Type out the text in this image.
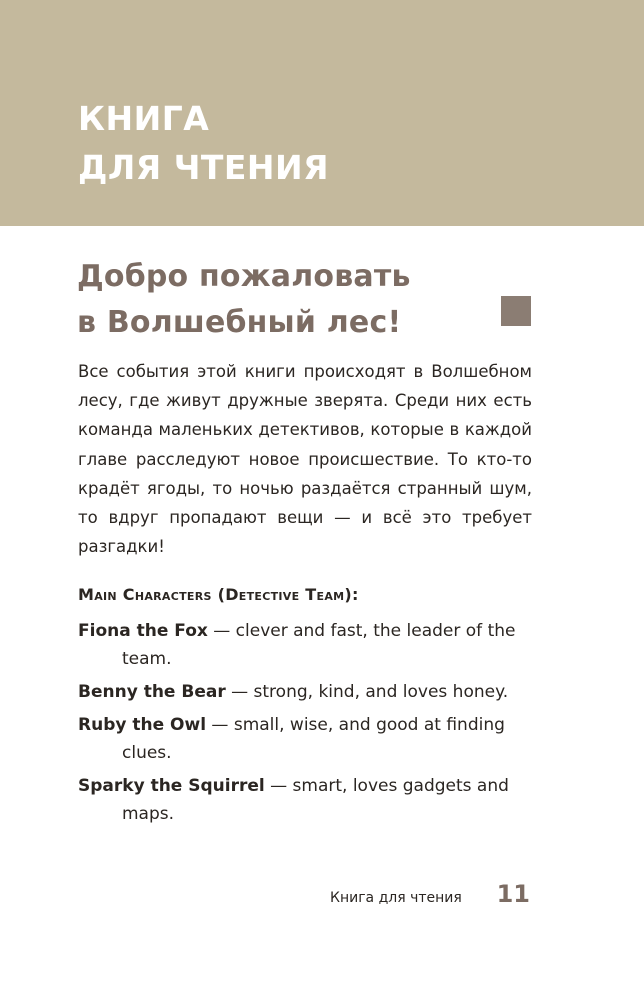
КНИГА
ДЛЯ ЧТЕНИЯ
Добро пожаловать
в Волшебный лес!

Все события этой книги происходят в Волшебном лесу, где живут дружные зверята. Среди них есть команда маленьких детективов, которые в каждой главе расследуют новое происшествие. То кто-то крадёт ягоды, то ночью раздаётся странный шум, то вдруг пропадают вещи — и всё это требует разгадки!

Main Characters (Detective Team):
Fiona the Fox — clever and fast, the leader of the team.
Benny the Bear — strong, kind, and loves honey.
Ruby the Owl — small, wise, and good at finding clues.
Sparky the Squirrel — smart, loves gadgets and maps.
Книга для чтения 11
